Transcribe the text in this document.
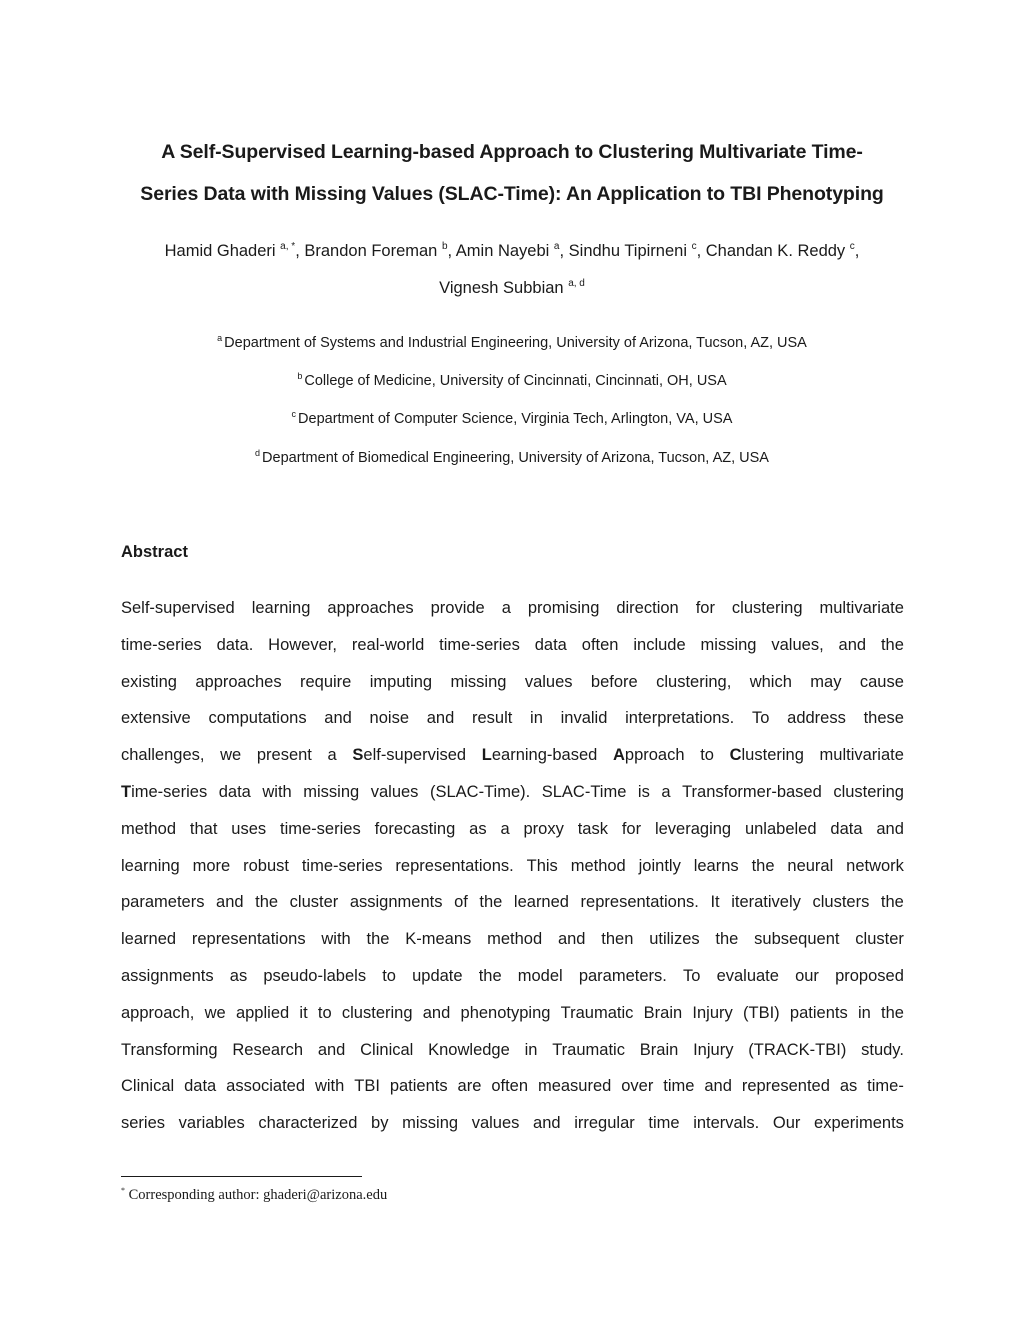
A Self-Supervised Learning-based Approach to Clustering Multivariate Time-
Series Data with Missing Values (SLAC-Time): An Application to TBI Phenotyping
Hamid Ghaderi $^{a, *}$, Brandon Foreman $^b$, Amin Nayebi $^a$, Sindhu Tipirneni $^c$, Chandan K. Reddy $^c$,
Vignesh Subbian $^{a, d}$
$^a$ Department of Systems and Industrial Engineering, University of Arizona, Tucson, AZ, USA
$^b$ College of Medicine, University of Cincinnati, Cincinnati, OH, USA
$^c$ Department of Computer Science, Virginia Tech, Arlington, VA, USA
$^d$ Department of Biomedical Engineering, University of Arizona, Tucson, AZ, USA
Abstract
Self-supervised learning approaches provide a promising direction for clustering multivariate
time-series data. However, real-world time-series data often include missing values, and the
existing approaches require imputing missing values before clustering, which may cause
extensive computations and noise and result in invalid interpretations. To address these
challenges, we present a Self-supervised Learning-based Approach to Clustering multivariate
Time-series data with missing values (SLAC-Time). SLAC-Time is a Transformer-based clustering
method that uses time-series forecasting as a proxy task for leveraging unlabeled data and
learning more robust time-series representations. This method jointly learns the neural network
parameters and the cluster assignments of the learned representations. It iteratively clusters the
learned representations with the K-means method and then utilizes the subsequent cluster
assignments as pseudo-labels to update the model parameters. To evaluate our proposed
approach, we applied it to clustering and phenotyping Traumatic Brain Injury (TBI) patients in the
Transforming Research and Clinical Knowledge in Traumatic Brain Injury (TRACK-TBI) study.
Clinical data associated with TBI patients are often measured over time and represented as time-
series variables characterized by missing values and irregular time intervals. Our experiments
* Corresponding author: ghaderi@arizona.edu
